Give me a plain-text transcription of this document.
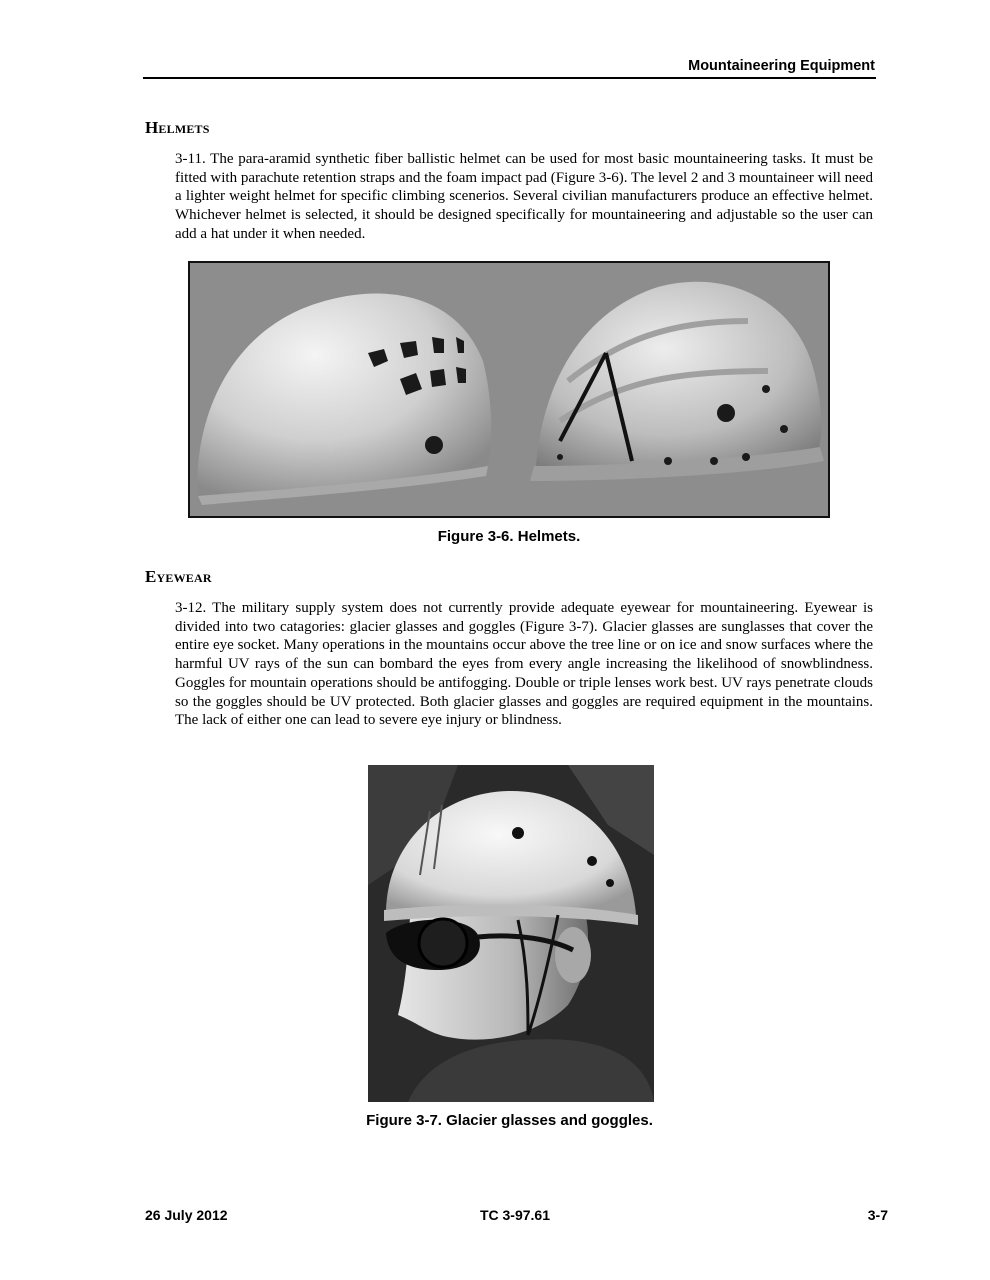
Mountaineering Equipment
Helmets

3-11. The para-aramid synthetic fiber ballistic helmet can be used for most basic mountaineering tasks. It must be fitted with parachute retention straps and the foam impact pad (Figure 3-6). The level 2 and 3 mountaineer will need a lighter weight helmet for specific climbing scenerios. Several civilian manufacturers produce an effective helmet. Whichever helmet is selected, it should be designed specifically for mountaineering and adjustable so the user can add a hat under it when needed.

Figure 3-6. Helmets.
Eyewear

3-12. The military supply system does not currently provide adequate eyewear for mountaineering. Eyewear is divided into two catagories: glacier glasses and goggles (Figure 3-7). Glacier glasses are sunglasses that cover the entire eye socket. Many operations in the mountains occur above the tree line or on ice and snow surfaces where the harmful UV rays of the sun can bombard the eyes from every angle increasing the likelihood of snowblindness. Goggles for mountain operations should be antifogging. Double or triple lenses work best. UV rays penetrate clouds so the goggles should be UV protected. Both glacier glasses and goggles are required equipment in the mountains. The lack of either one can lead to severe eye injury or blindness.

Figure 3-7. Glacier glasses and goggles.
26 July 2012	TC 3-97.61	3-7
